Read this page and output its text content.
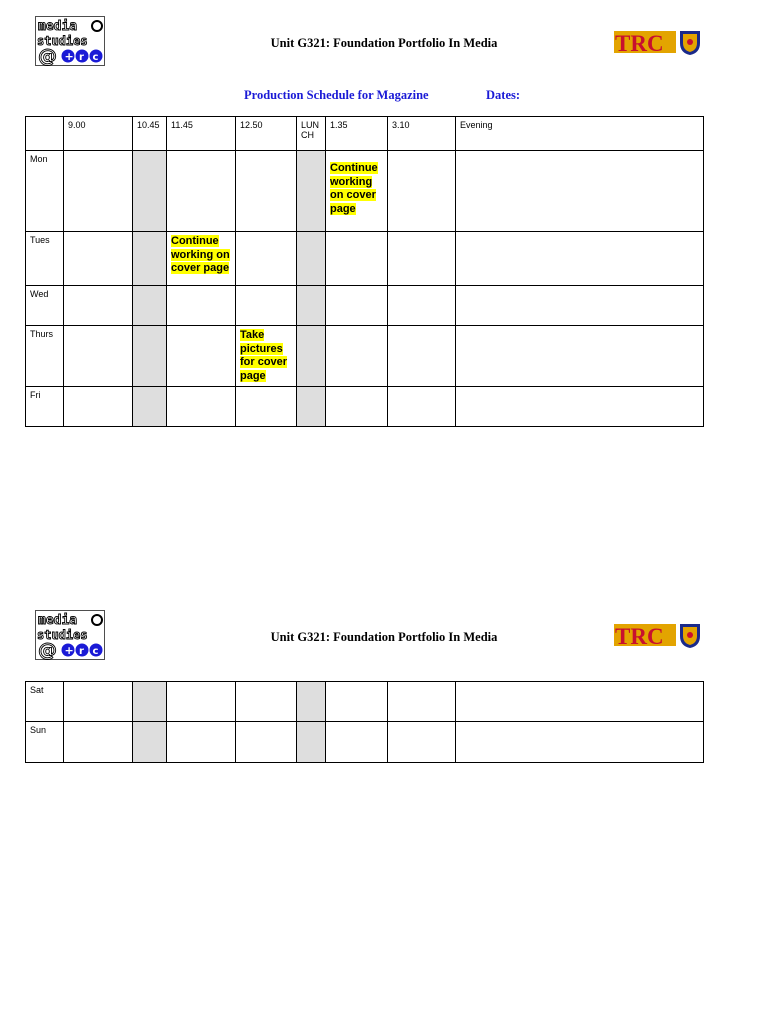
media
studies
@ + r c
Unit G321: Foundation Portfolio In Media	TRC
Production Schedule for Magazine	Dates:
	9.00	10.45	11.45	12.50	LUNCH	1.35	3.10	Evening
Mon						Continue working on cover page		
Tues			Continue working on cover page					
Wed								
Thurs				Take pictures for cover page				
Fri								
media
studies
@ + r c
Unit G321: Foundation Portfolio In Media	TRC
Sat								
Sun								
